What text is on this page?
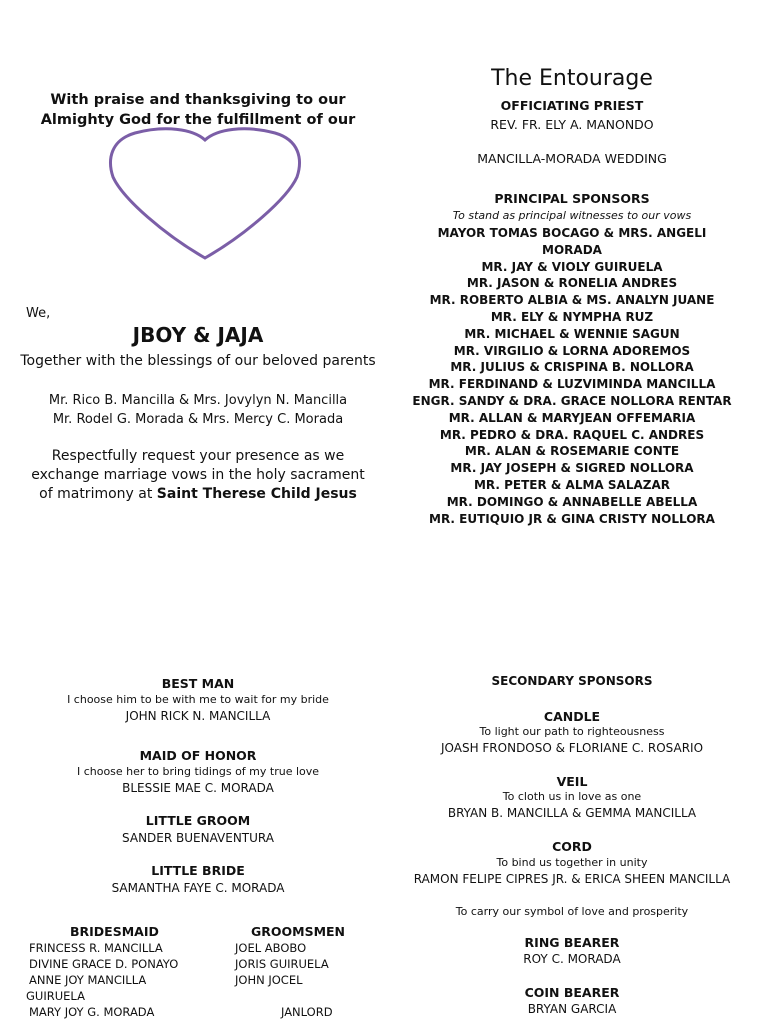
With praise and thanksgiving to our
Almighty God for the fulfillment of our
We,
JBOY & JAJA
Together with the blessings of our beloved parents
Mr. Rico B. Mancilla & Mrs. Jovylyn N. Mancilla
Mr. Rodel G. Morada & Mrs. Mercy C. Morada
Respectfully request your presence as we
exchange marriage vows in the holy sacrament
of matrimony at Saint Therese Child Jesus
The Entourage
OFFICIATING PRIEST
REV. FR. ELY A. MANONDO
MANCILLA-MORADA WEDDING
PRINCIPAL SPONSORS
To stand as principal witnesses to our vows
MAYOR TOMAS BOCAGO & MRS. ANGELI MORADA
MR. JAY & VIOLY GUIRUELA
MR. JASON & RONELIA ANDRES
MR. ROBERTO ALBIA & MS. ANALYN JUANE
MR. ELY & NYMPHA RUZ
MR. MICHAEL & WENNIE SAGUN
MR. VIRGILIO & LORNA ADOREMOS
MR. JULIUS & CRISPINA B. NOLLORA
MR. FERDINAND & LUZVIMINDA MANCILLA
ENGR. SANDY & DRA. GRACE NOLLORA RENTAR
MR. ALLAN & MARYJEAN OFFEMARIA
MR. PEDRO & DRA. RAQUEL C. ANDRES
MR. ALAN & ROSEMARIE CONTE
MR. JAY JOSEPH & SIGRED NOLLORA
MR. PETER & ALMA SALAZAR
MR. DOMINGO & ANNABELLE ABELLA
MR. EUTIQUIO JR & GINA CRISTY NOLLORA
BEST MAN
I choose him to be with me to wait for my bride
JOHN RICK N. MANCILLA
MAID OF HONOR
I choose her to bring tidings of my true love
BLESSIE MAE C. MORADA
LITTLE GROOM
SANDER BUENAVENTURA
LITTLE BRIDE
SAMANTHA FAYE C. MORADA
BRIDESMAID	GROOMSMEN
FRINCESS R. MANCILLA
DIVINE GRACE D. PONAYO
ANNE JOY MANCILLA
GUIRUELA
MARY JOY G. MORADA
JOEL ABOBO
JORIS GUIRUELA
JOHN JOCEL
JANLORD
SECONDARY SPONSORS
CANDLE
To light our path to righteousness
JOASH FRONDOSO & FLORIANE C. ROSARIO
VEIL
To cloth us in love as one
BRYAN B. MANCILLA & GEMMA MANCILLA
CORD
To bind us together in unity
RAMON FELIPE CIPRES JR. & ERICA SHEEN MANCILLA
To carry our symbol of love and prosperity
RING BEARER
ROY C. MORADA
COIN BEARER
BRYAN GARCIA
